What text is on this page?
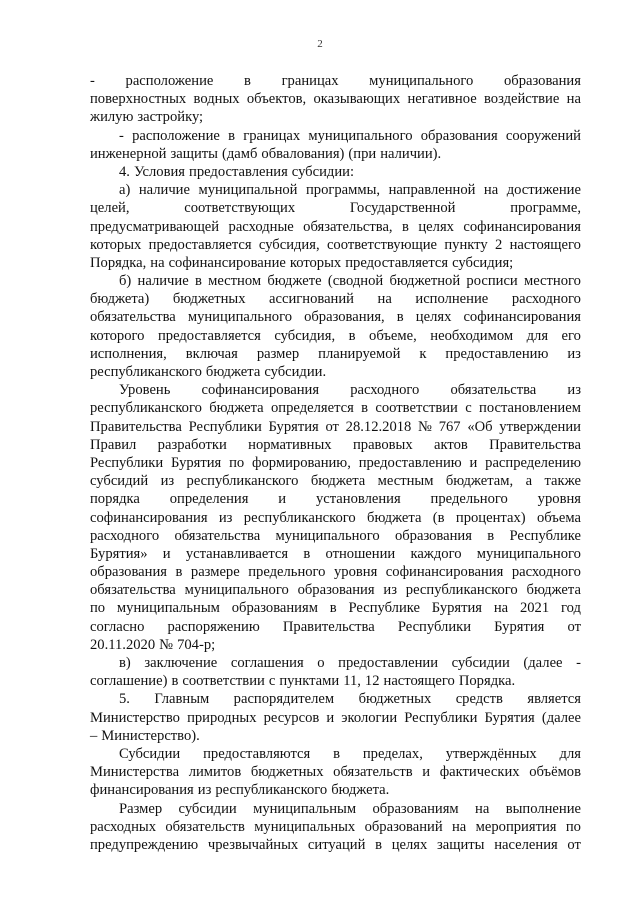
2
- расположение в границах муниципального образования
поверхностных водных объектов, оказывающих негативное воздействие на
жилую застройку;
- расположение в границах муниципального образования сооружений
инженерной защиты (дамб обвалования) (при наличии).
4. Условия предоставления субсидии:
а) наличие муниципальной программы, направленной на достижение
целей,	соответствующих	Государственной	программе,
предусматривающей расходные обязательства, в целях софинансирования
которых предоставляется субсидия, соответствующие пункту 2 настоящего
Порядка, на софинансирование которых предоставляется субсидия;
б) наличие в местном бюджете (сводной бюджетной росписи местного
бюджета) бюджетных ассигнований на исполнение расходного
обязательства муниципального образования, в целях софинансирования
которого предоставляется субсидия, в объеме, необходимом для его
исполнения, включая размер планируемой к предоставлению из
республиканского бюджета субсидии.
Уровень софинансирования расходного обязательства из
республиканского бюджета определяется в соответствии с постановлением
Правительства Республики Бурятия от 28.12.2018 № 767 «Об утверждении
Правил разработки нормативных правовых актов Правительства
Республики Бурятия по формированию, предоставлению и распределению
субсидий из республиканского бюджета местным бюджетам, а также
порядка определения и установления предельного уровня
софинансирования из республиканского бюджета (в процентах) объема
расходного обязательства муниципального образования в Республике
Бурятия» и устанавливается в отношении каждого муниципального
образования в размере предельного уровня софинансирования расходного
обязательства муниципального образования из республиканского бюджета
по муниципальным образованиям в Республике Бурятия на 2021 год
согласно распоряжению Правительства Республики Бурятия от
20.11.2020 № 704-р;
в) заключение соглашения о предоставлении субсидии (далее -
соглашение) в соответствии с пунктами 11, 12 настоящего Порядка.
5. Главным распорядителем бюджетных средств является
Министерство природных ресурсов и экологии Республики Бурятия (далее
– Министерство).
Субсидии предоставляются в пределах, утверждённых для
Министерства лимитов бюджетных обязательств и фактических объёмов
финансирования из республиканского бюджета.
Размер субсидии муниципальным образованиям на выполнение
расходных обязательств муниципальных образований на мероприятия по
предупреждению чрезвычайных ситуаций в целях защиты населения от
